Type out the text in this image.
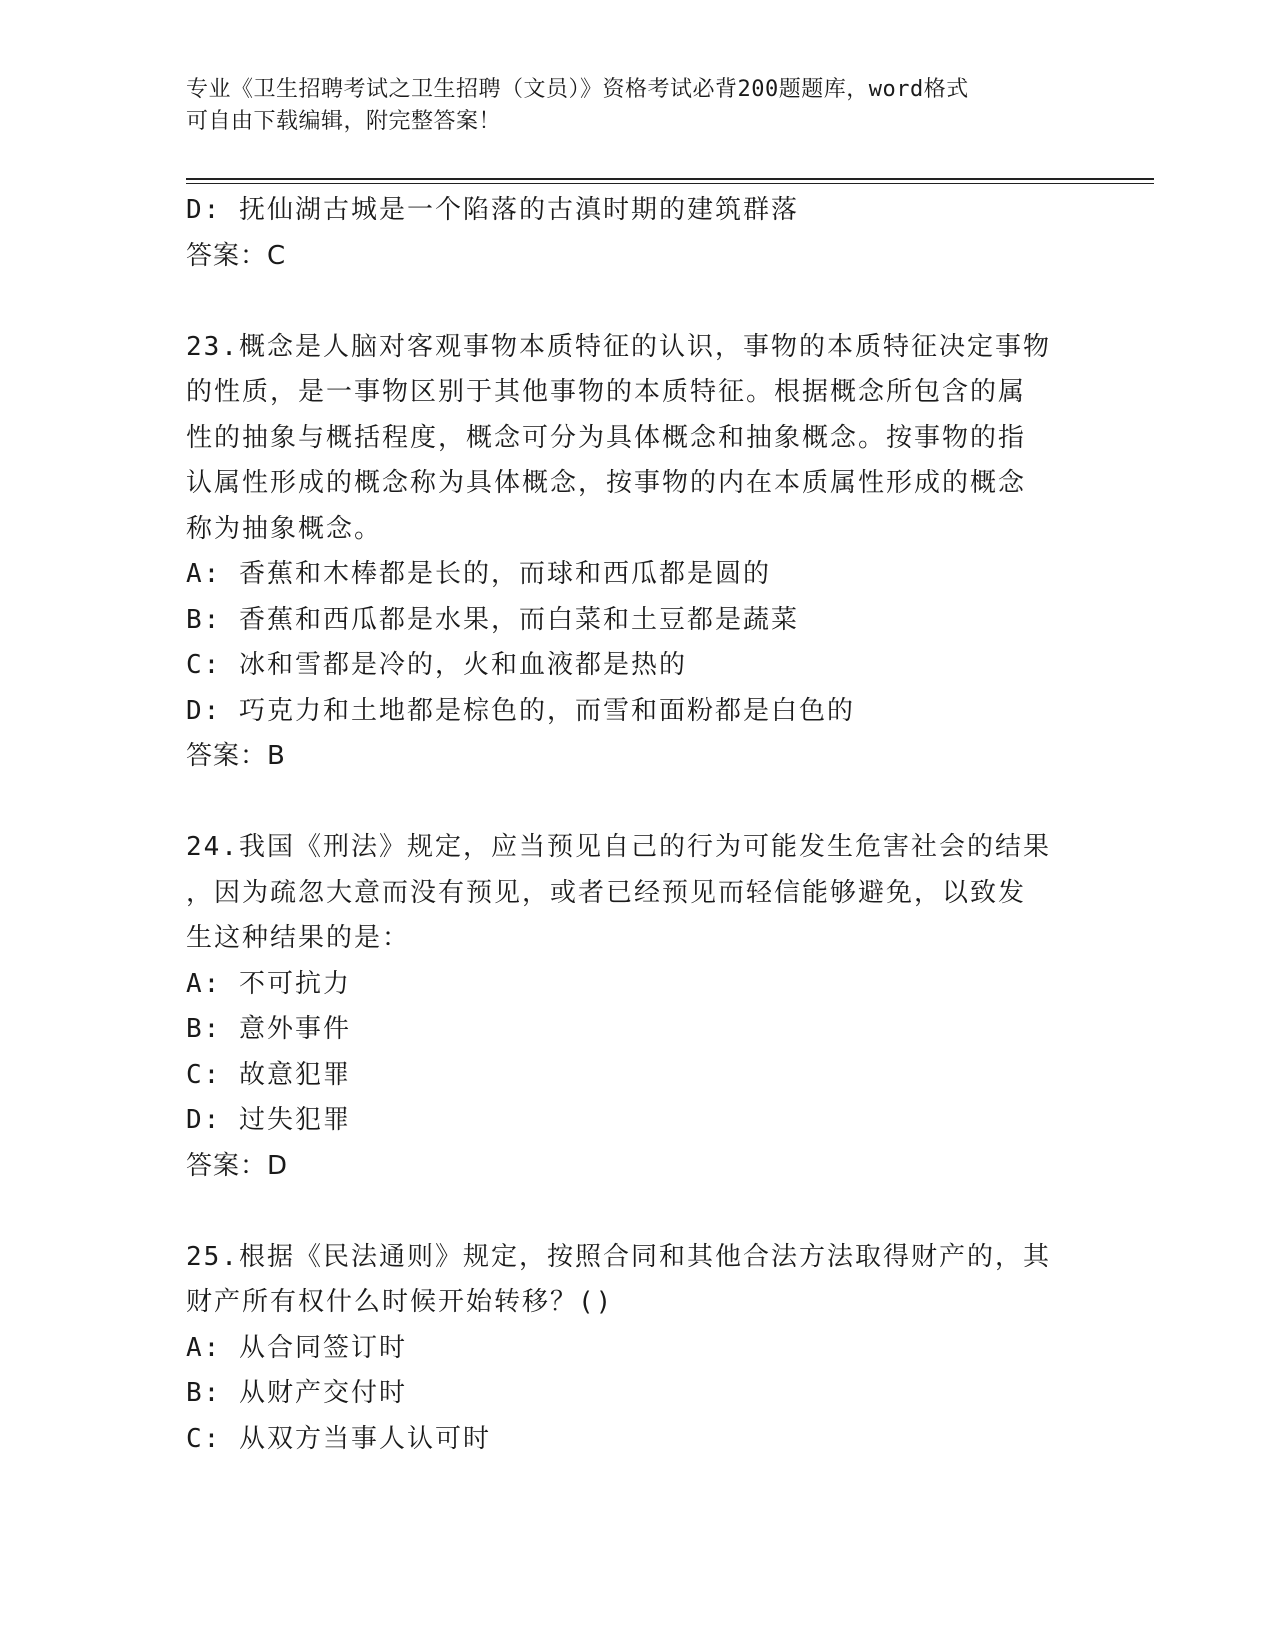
专业《卫生招聘考试之卫生招聘（文员）》资格考试必背200题题库，word格式
可自由下载编辑，附完整答案！

D: 抚仙湖古城是一个陷落的古滇时期的建筑群落

答案：C

23.概念是人脑对客观事物本质特征的认识，事物的本质特征决定事物

的性质，是一事物区别于其他事物的本质特征。根据概念所包含的属

性的抽象与概括程度，概念可分为具体概念和抽象概念。按事物的指

认属性形成的概念称为具体概念，按事物的内在本质属性形成的概念

称为抽象概念。

A: 香蕉和木棒都是长的，而球和西瓜都是圆的

B: 香蕉和西瓜都是水果，而白菜和土豆都是蔬菜

C: 冰和雪都是冷的，火和血液都是热的

D: 巧克力和土地都是棕色的，而雪和面粉都是白色的

答案：B

24.我国《刑法》规定，应当预见自己的行为可能发生危害社会的结果

，因为疏忽大意而没有预见，或者已经预见而轻信能够避免，以致发

生这种结果的是：

A: 不可抗力

B: 意外事件

C: 故意犯罪

D: 过失犯罪

答案：D

25.根据《民法通则》规定，按照合同和其他合法方法取得财产的，其

财产所有权什么时候开始转移？()

A: 从合同签订时

B: 从财产交付时

C: 从双方当事人认可时
